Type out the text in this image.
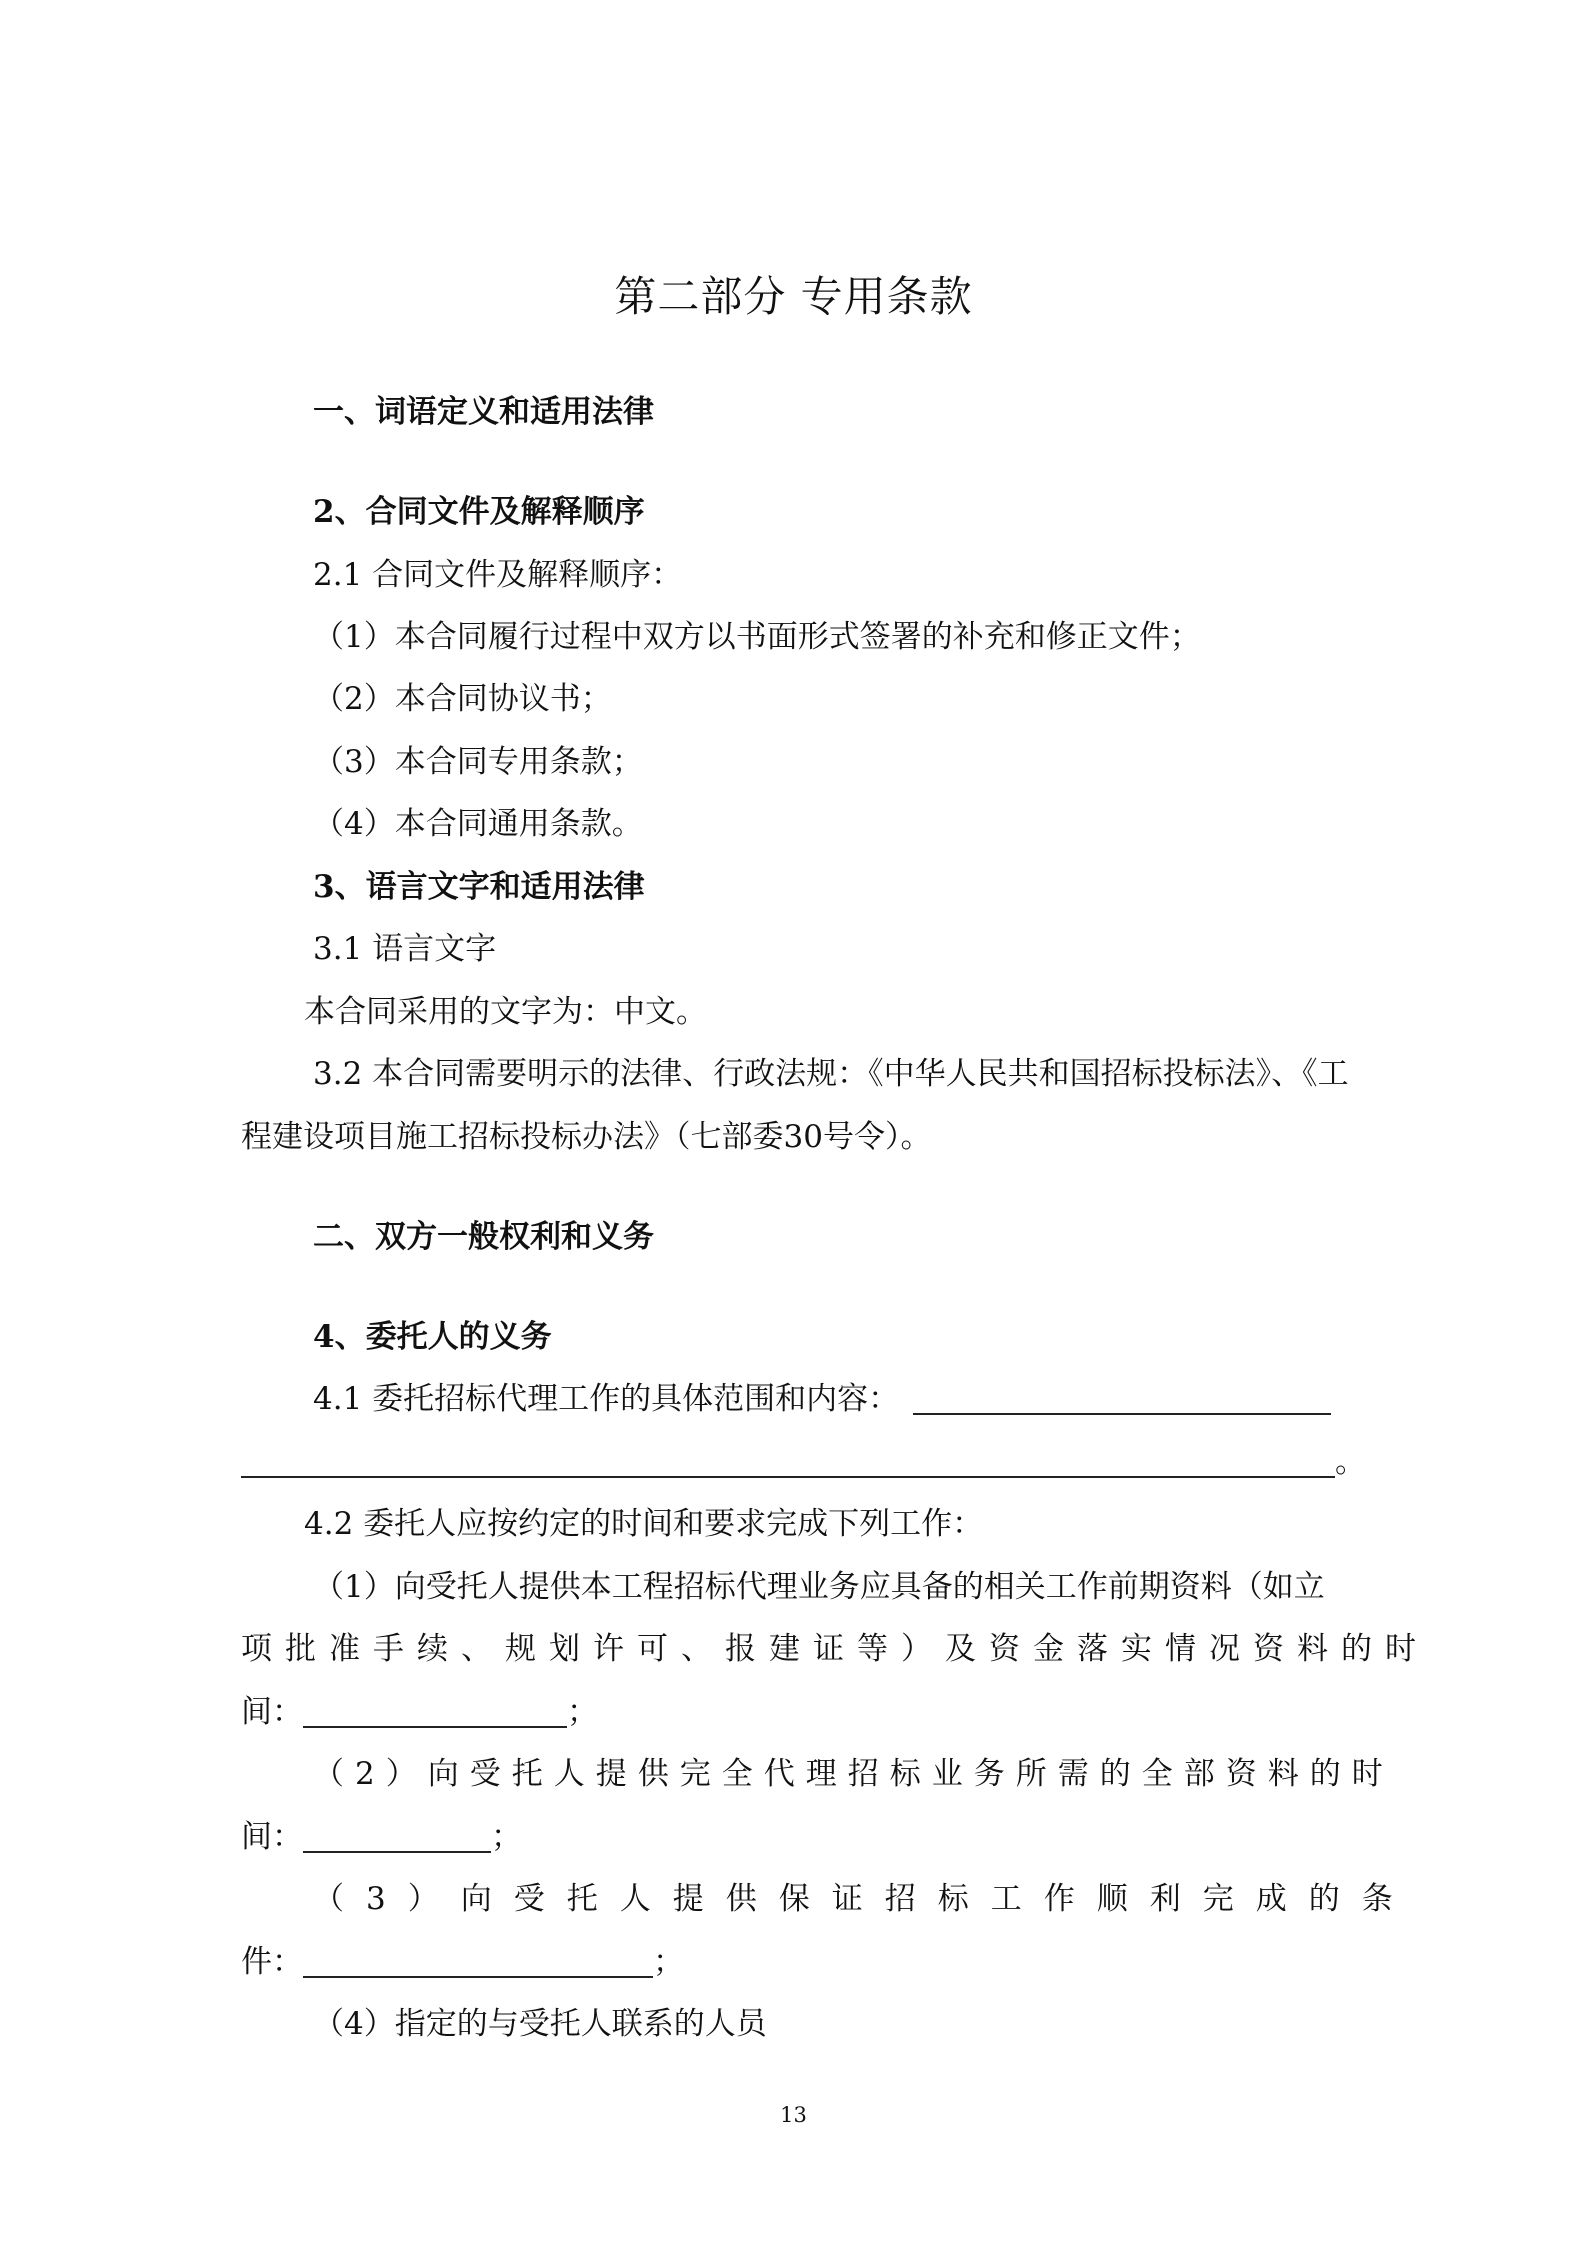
第二部分 专用条款
一、词语定义和适用法律
2、合同文件及解释顺序
2.1 合同文件及解释顺序：
（1）本合同履行过程中双方以书面形式签署的补充和修正文件；
（2）本合同协议书；
（3）本合同专用条款；
（4）本合同通用条款。
3、语言文字和适用法律
3.1 语言文字
本合同采用的文字为：中文。
3.2 本合同需要明示的法律、行政法规：《中华人民共和国招标投标法》、《工
程建设项目施工招标投标办法》（七部委30号令）。
二、双方一般权利和义务
4、委托人的义务
4.1 委托招标代理工作的具体范围和内容：
。
4.2 委托人应按约定的时间和要求完成下列工作：
（1）向受托人提供本工程招标代理业务应具备的相关工作前期资料（如立
项批准手续、规划许可、报建证等）及资金落实情况资料的时
间：	；
（2）向受托人提供完全代理招标业务所需的全部资料的时
间：	；
（3）向受托人提供保证招标工作顺利完成的条
件：	；
（4）指定的与受托人联系的人员
13
